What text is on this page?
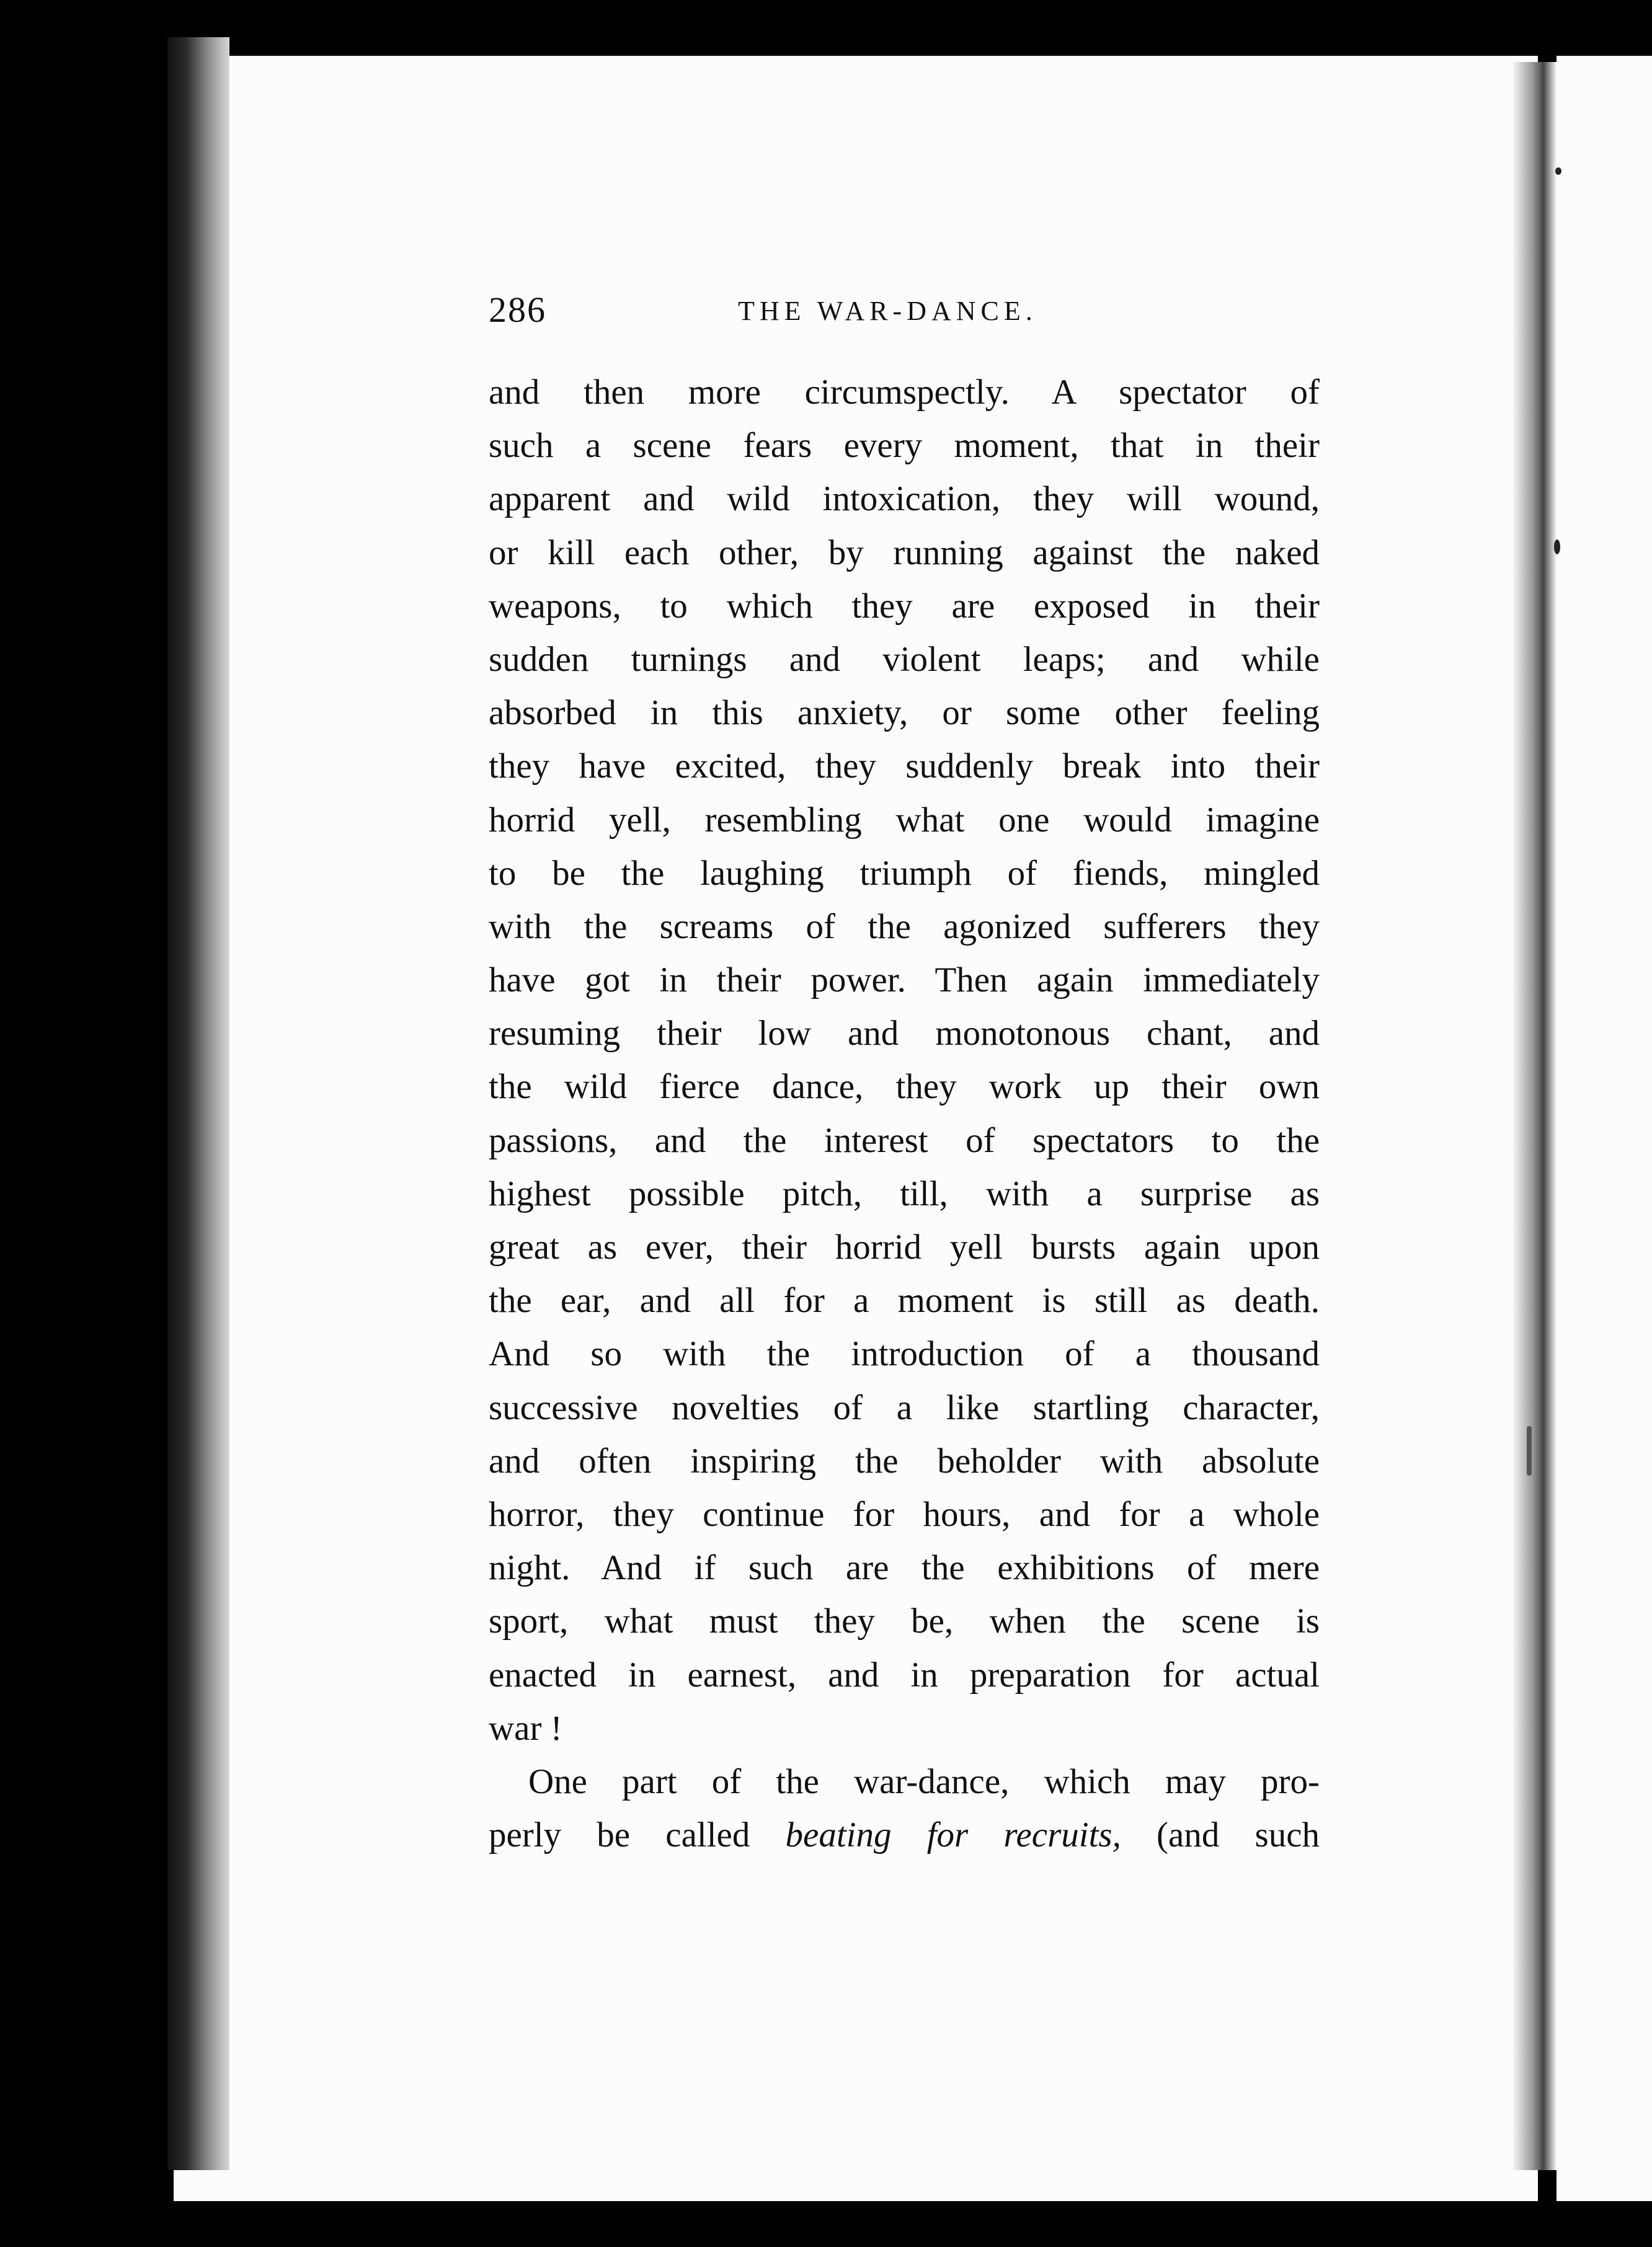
286	THE WAR-DANCE.
and then more circumspectly. A spectator of
such a scene fears every moment, that in their
apparent and wild intoxication, they will wound,
or kill each other, by running against the naked
weapons, to which they are exposed in their
sudden turnings and violent leaps; and while
absorbed in this anxiety, or some other feeling
they have excited, they suddenly break into their
horrid yell, resembling what one would imagine
to be the laughing triumph of fiends, mingled
with the screams of the agonized sufferers they
have got in their power. Then again immediately
resuming their low and monotonous chant, and
the wild fierce dance, they work up their own
passions, and the interest of spectators to the
highest possible pitch, till, with a surprise as
great as ever, their horrid yell bursts again upon
the ear, and all for a moment is still as death.
And so with the introduction of a thousand
successive novelties of a like startling character,
and often inspiring the beholder with absolute
horror, they continue for hours, and for a whole
night. And if such are the exhibitions of mere
sport, what must they be, when the scene is
enacted in earnest, and in preparation for actual
war !
One part of the war-dance, which may pro-
perly be called beating for recruits, (and such
